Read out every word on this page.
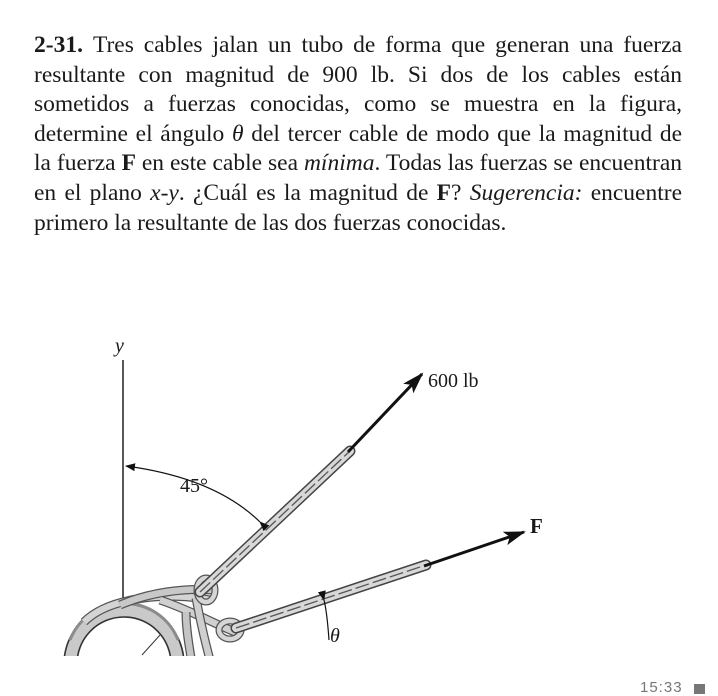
2-31. Tres cables jalan un tubo de forma que generan una fuerza resultante con magnitud de 900 lb. Si dos de los cables están sometidos a fuerzas conocidas, como se muestra en la figura, determine el ángulo θ del tercer cable de modo que la magnitud de la fuerza F en este cable sea mínima. Todas las fuerzas se encuentran en el plano x-y. ¿Cuál es la magnitud de F? Sugerencia: encuentre primero la resultante de las dos fuerzas conocidas.
y
600 lb
45°
F
θ
15:33
